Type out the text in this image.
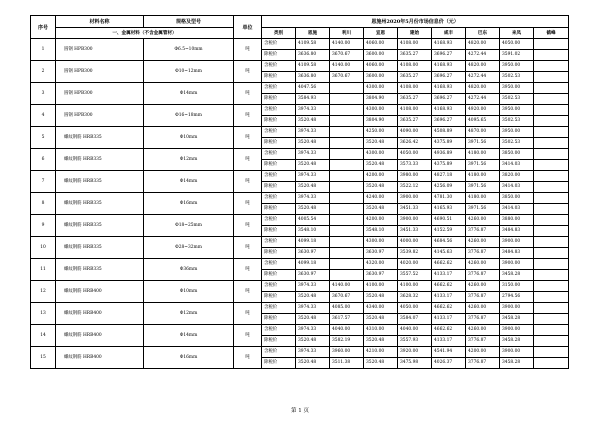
序号	材料名称	规格及型号	单位	恩施州2020年5月份市场信息价（元）								
	一、金属材料（不含金属管材）			类别	恩施	利川	宣恩	建始	咸丰	巴东	来凤	鹤峰
1	圆钢 HPB300	Φ6.5~10mm	吨	含税价	4109.58	4140.00	4060.00	4108.00	4168.93	4820.00	4050.00	
				除税价	3636.80	3670.67	3600.00	3635.27	3696.27	4272.44	3591.02	
2	圆钢 HPB300	Φ10~12mm	吨	含税价	4109.58	4140.00	4060.00	4108.00	4168.93	4820.00	3950.00	
				除税价	3636.80	3670.67	3600.00	3635.27	3696.27	4272.44	3502.53	
3	圆钢 HPB300	Φ14mm	吨	含税价	4047.56		4300.00	4108.00	4168.93	4820.00	3950.00	
				除税价	3584.93		3804.90	3635.27	3696.27	4272.44	3502.53	
4	圆钢 HPB300	Φ16~18mm	吨	含税价	3974.33		4300.00	4108.00	4168.93	4920.00	3950.00	
				除税价	3520.48		3804.90	3635.27	3696.27	4095.65	3502.53	
5	螺纹钢筋 HRB335	Φ10mm	吨	含税价	3974.33		4250.00	4090.00	4508.89	4870.00	3950.00	
				除税价	3520.48		3520.48	3626.42	4375.89	3971.56	3502.53	
6	螺纹钢筋 HRB335	Φ12mm	吨	含税价	3974.33		4300.00	4050.00	4936.89	4180.00	3850.00	
				除税价	3520.48		3520.48	3573.33	4375.89	3971.56	3414.03	
7	螺纹钢筋 HRB335	Φ14mm	吨	含税价	3974.33		4200.00	3980.00	4827.18	4180.00	3820.00	
				除税价	3520.48		3520.48	3522.12	4256.09	3971.56	3414.03	
8	螺纹钢筋 HRB335	Φ16mm	吨	含税价	3974.33		4240.00	3900.00	4781.30	4180.00	3850.00	
				除税价	3520.48		3520.48	3451.33	4165.93	3971.56	3414.03	
9	螺纹钢筋 HRB335	Φ18~25mm	吨	含税价	4005.54		4200.00	3900.00	4690.51	4260.00	3880.00	
				除税价	3548.10		3548.10	3451.33	4152.59	3776.87	3484.83	
10	螺纹钢筋 HRB335	Φ28~32mm	吨	含税价	4099.18		4300.00	4000.00	4684.56	4260.00	3900.00	
				除税价	3630.97		3630.97	3539.82	4145.63	3776.87	3484.83	
11	螺纹钢筋 HRB335	Φ36mm	吨	含税价	4099.18		4320.00	4020.00	4662.62	4260.00	3900.00	
				除税价	3630.97		3630.97	3557.52	4133.17	3776.87	3458.28	
12	螺纹钢筋 HRB400	Φ10mm	吨	含税价	3974.33	4140.00	4100.00	4100.00	4662.62	4260.00	3150.00	
				除税价	3520.48	3670.67	3520.48	3628.32	4133.17	3776.87	2794.56	
13	螺纹钢筋 HRB400	Φ12mm	吨	含税价	3974.33	4085.00	4340.00	4050.00	4662.62	4260.00	3900.00	
				除税价	3520.48	3617.57	3520.48	3584.07	4133.17	3776.87	3458.28	
14	螺纹钢筋 HRB400	Φ14mm	吨	含税价	3974.33	4040.00	4310.00	4040.00	4662.62	4260.00	3900.00	
				除税价	3520.48	3582.19	3520.48	3557.93	4133.17	3776.87	3458.28	
15	螺纹钢筋 HRB400	Φ16mm	吨	含税价	3974.33	3960.00	4210.00	3920.00	4541.94	4200.00	3900.00	
				除税价	3520.48	3511.38	3520.48	3475.98	4026.37	3776.87	3458.28	
第 1 页
